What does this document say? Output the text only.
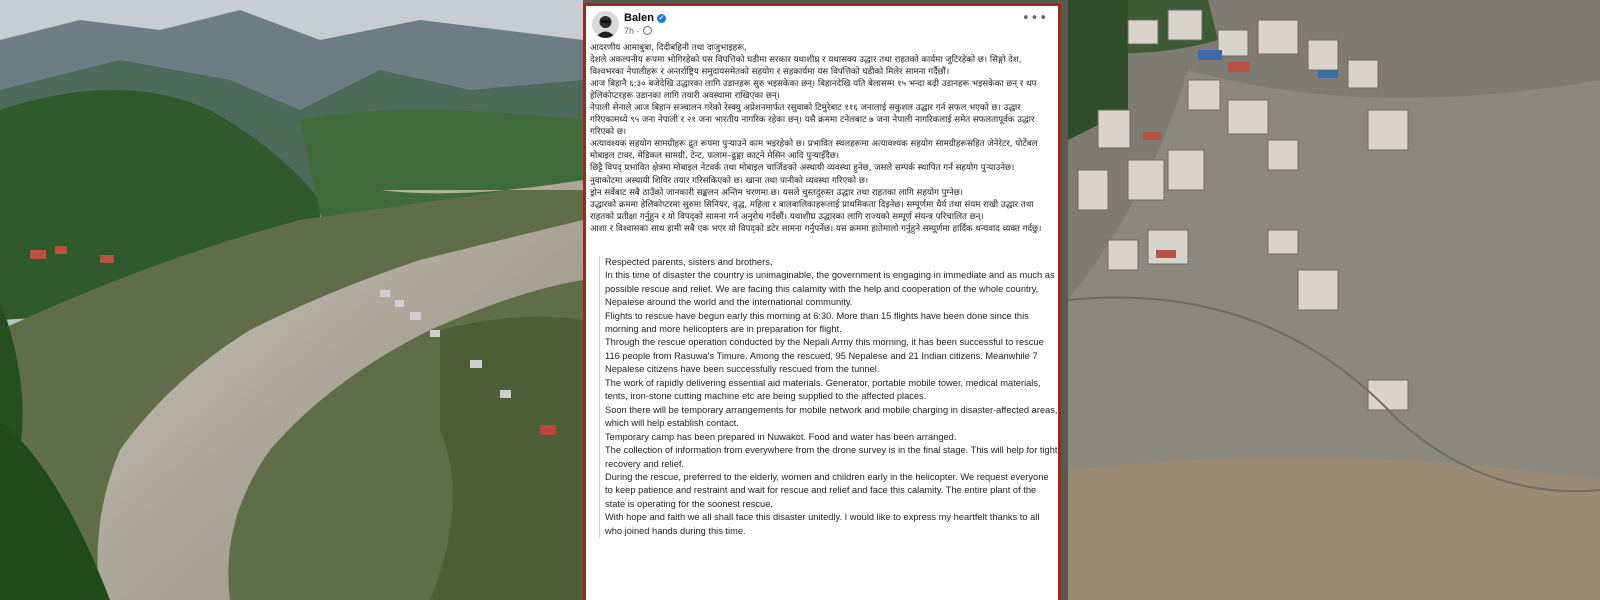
Balen ✓
7h ·
•••

आदरणीय आमाबुबा, दिदीबहिनी तथा दाजुभाइहरू,

देशले अकल्पनीय रूपमा भोगिरहेको यस विपत्तिको घडीमा सरकार यथाशीघ्र र यथासक्य उद्धार तथा राहतको कार्यमा जुटिरहेको छ। सिङ्गो देश, विश्वभरका नेपालीहरू र अन्तर्राष्ट्रिय समुदायसमेतको सहयोग र सहकार्यमा यस विपत्तिको घडीको मिलेर सामना गर्दैछौं।

आज बिहानै ६:३० बजेदेखि उद्धारका लागि उडानहरू सुरु भइसकेका छन्। बिहानदेखि यति बेलासम्म १५ भन्दा बढी उडानहरू भइसकेका छन् र थप हेलिकोप्टरहरू उडानका लागि तयारी अवस्थामा राखिएका छन्।

नेपाली सेनाले आज बिहान सञ्चालन गरेको रेस्क्यु अप्रेशनमार्फत रसुवाको टिमुरेबाट ११६ जनालाई सकुशल उद्धार गर्न सफल भएको छ। उद्धार गरिएकामध्ये ९५ जना नेपाली र २१ जना भारतीय नागरिक रहेका छन्। यसै क्रममा टनेलबाट ७ जना नेपाली नागरिकलाई समेत सफलतापूर्वक उद्धार गरिएको छ।

अत्यावश्यक सहयोग सामग्रीहरू द्रुत रूपमा पुर्‍याउने काम भइरहेको छ। प्रभावित स्थलहरूमा अत्यावश्यक सहयोग सामग्रीहरूसहित जेनेरेटर, पोर्टेबल मोबाइल टावर, मेडिकल सामग्री, टेन्ट, फलाम–ढुङ्गा काट्ने मेसिन आदि पुर्‍याइँदैछ।

छिट्टै विपद् प्रभावित क्षेत्रमा मोबाइल नेटवर्क तथा मोबाइल चार्जिङको अस्थायी व्यवस्था हुनेछ, जसले सम्पर्क स्थापित गर्न सहयोग पुर्‍याउनेछ।

नुवाकोटमा अस्थायी शिविर तयार गरिसकिएको छ। खाना तथा पानीको व्यवस्था गरिएको छ।

ड्रोन सर्वेबाट सबै ठाउँको जानकारी सङ्कलन अन्तिम चरणमा छ। यसले चुस्तदुरुस्त उद्धार तथा राहतका लागि सहयोग पुग्नेछ।

उद्धारको क्रममा हेलिकोप्टरमा सुरुमा सिनियर, वृद्ध, महिला र बालबालिकाहरूलाई प्राथमिकता दिइनेछ। सम्पूर्णमा धैर्य तथा संयम राखी उद्धार तथा राहतको प्रतीक्षा गर्नुहुन र यो विपद्को सामना गर्न अनुरोध गर्दछौं। यथाशीघ्र उद्धारका लागि राज्यको सम्पूर्ण संयन्त्र परिचालित छन्।

आशा र विश्वासका साथ हामी सबै एक भएर यो विपद्को डटेर सामना गर्नुपर्नेछ। यस क्रममा हातेमालो गर्नुहुने सम्पूर्णमा हार्दिक धन्यवाद व्यक्त गर्दछु।

Respected parents, sisters and brothers,

In this time of disaster the country is unimaginable, the government is engaging in immediate and as much as possible rescue and relief. We are facing this calamity with the help and cooperation of the whole country, Nepalese around the world and the international community.

Flights to rescue have begun early this morning at 6:30. More than 15 flights have been done since this morning and more helicopters are in preparation for flight.

Through the rescue operation conducted by the Nepali Army this morning, it has been successful to rescue 116 people from Rasuwa's Timure. Among the rescued, 95 Nepalese and 21 Indian citizens. Meanwhile 7 Nepalese citizens have been successfully rescued from the tunnel.

The work of rapidly delivering essential aid materials. Generator, portable mobile tower, medical materials, tents, iron-stone cutting machine etc are being supplied to the affected places.

Soon there will be temporary arrangements for mobile network and mobile charging in disaster-affected areas, which will help establish contact.

Temporary camp has been prepared in Nuwakot. Food and water has been arranged.

The collection of information from everywhere from the drone survey is in the final stage. This will help for tight recovery and relief.

During the rescue, preferred to the elderly, women and children early in the helicopter. We request everyone to keep patience and restraint and wait for rescue and relief and face this calamity. The entire plant of the state is operating for the soonest rescue.

With hope and faith we all shall face this disaster unitedly. I would like to express my heartfelt thanks to all who joined hands during this time.
